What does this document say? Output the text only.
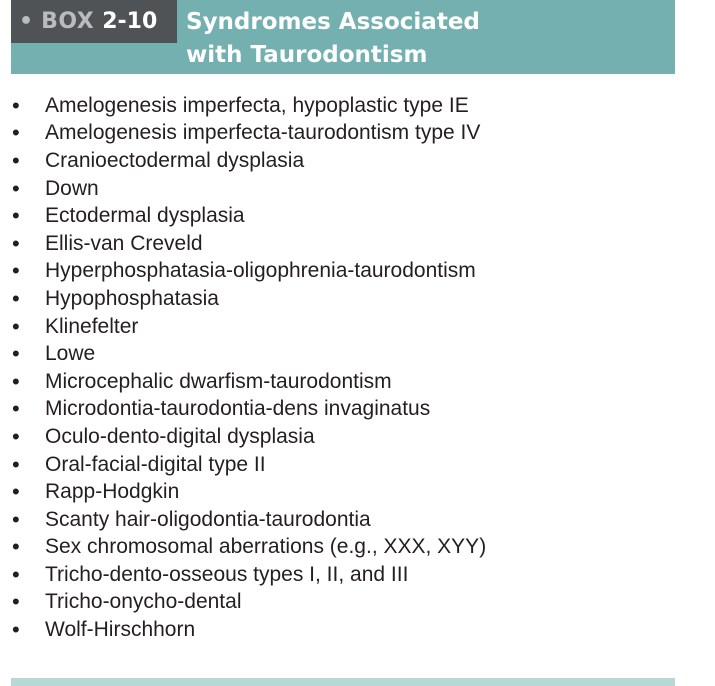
• BOX 2-10 Syndromes Associated
with Taurodontism
•	Amelogenesis imperfecta, hypoplastic type IE
•	Amelogenesis imperfecta-taurodontism type IV
•	Cranioectodermal dysplasia
•	Down
•	Ectodermal dysplasia
•	Ellis-van Creveld
•	Hyperphosphatasia-oligophrenia-taurodontism
•	Hypophosphatasia
•	Klinefelter
•	Lowe
•	Microcephalic dwarfism-taurodontism
•	Microdontia-taurodontia-dens invaginatus
•	Oculo-dento-digital dysplasia
•	Oral-facial-digital type II
•	Rapp-Hodgkin
•	Scanty hair-oligodontia-taurodontia
•	Sex chromosomal aberrations (e.g., XXX, XYY)
•	Tricho-dento-osseous types I, II, and III
•	Tricho-onycho-dental
•	Wolf-Hirschhorn
